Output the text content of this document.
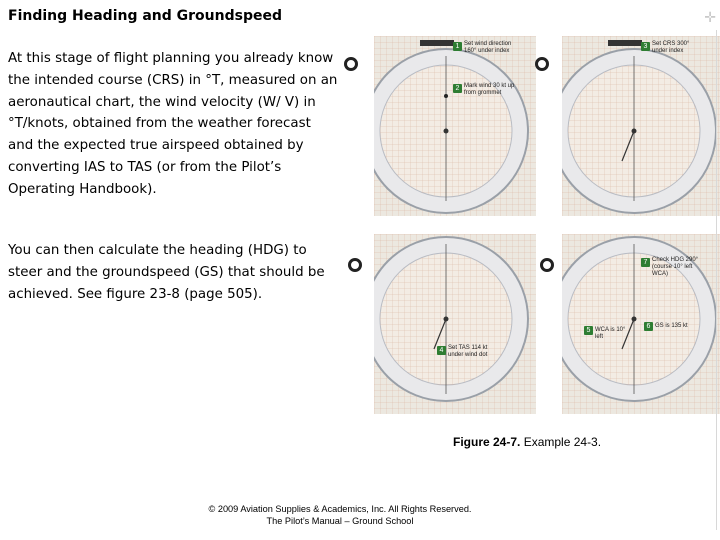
Finding Heading and Groundspeed
At this stage of flight planning you already know the intended course (CRS) in °T, measured on an aeronautical chart, the wind velocity (W/ V) in °T/knots, obtained from the weather forecast and the expected true airspeed obtained by converting IAS to TAS (or from the Pilot’s Operating Handbook).
You can then calculate the heading (HDG) to steer and the groundspeed (GS) that should be achieved. See figure 23-8 (page 505).
1 Set wind direction 160° under index
2 Mark wind 30 kt up from grommet
3 Set CRS 300° under index
4 Set TAS 114 kt under wind dot
7 Check HDG 290° (course 10° left WCA)
5 WCA is 10° left
6 GS is 135 kt
Figure 24-7. Example 24-3.
© 2009 Aviation Supplies & Academics, Inc. All Rights Reserved.
The Pilot’s Manual – Ground School
✛
